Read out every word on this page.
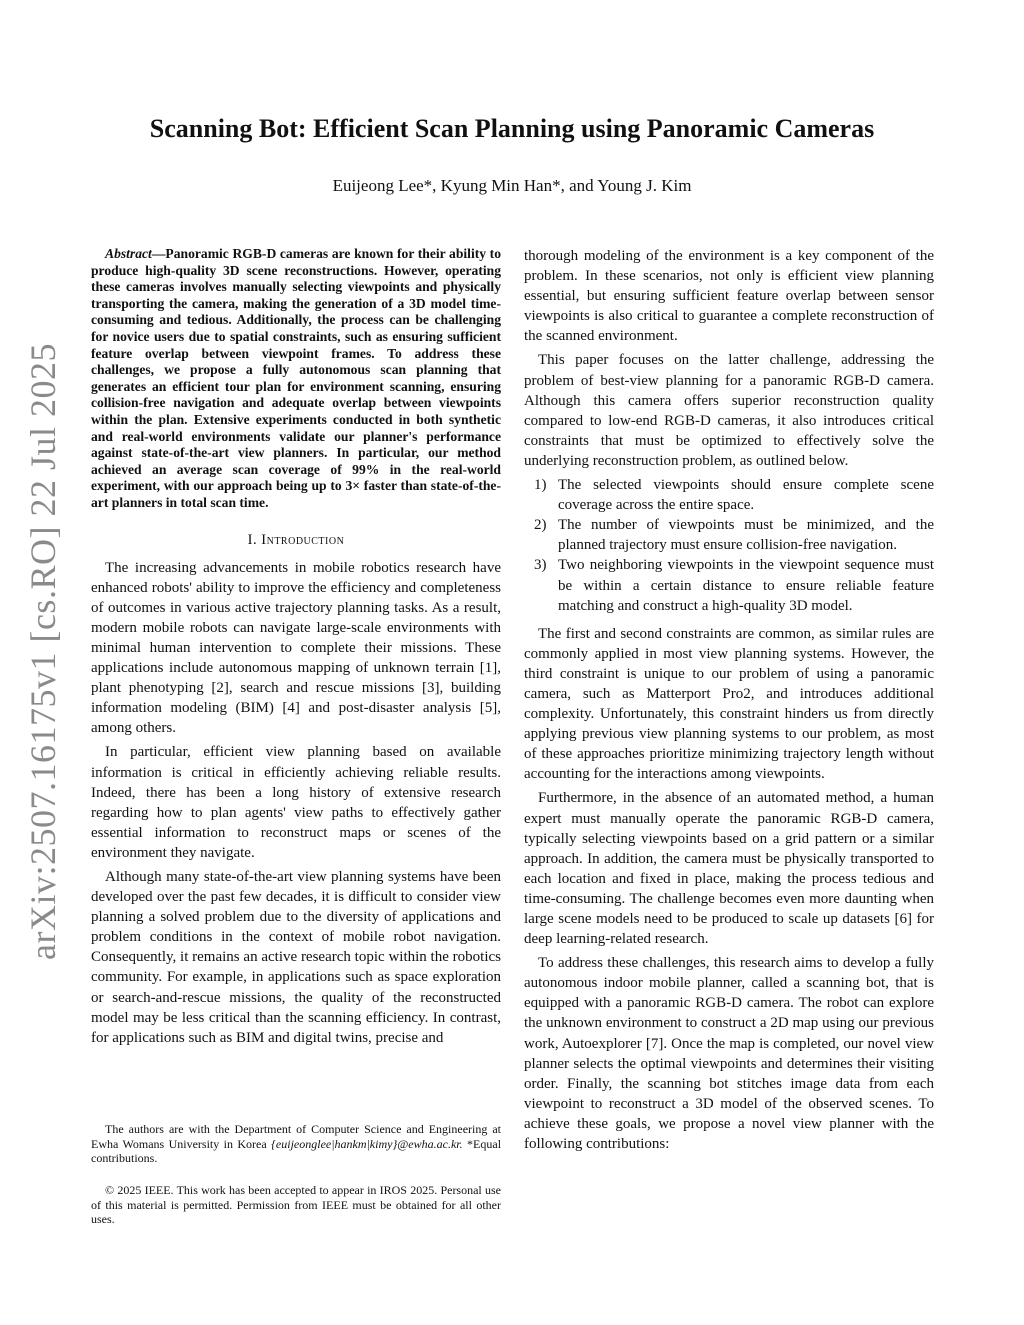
arXiv:2507.16175v1 [cs.RO] 22 Jul 2025
Scanning Bot: Efficient Scan Planning using Panoramic Cameras
Euijeong Lee*, Kyung Min Han*, and Young J. Kim

Abstract—Panoramic RGB-D cameras are known for their ability to produce high-quality 3D scene reconstructions. However, operating these cameras involves manually selecting viewpoints and physically transporting the camera, making the generation of a 3D model time-consuming and tedious. Additionally, the process can be challenging for novice users due to spatial constraints, such as ensuring sufficient feature overlap between viewpoint frames. To address these challenges, we propose a fully autonomous scan planning that generates an efficient tour plan for environment scanning, ensuring collision-free navigation and adequate overlap between viewpoints within the plan. Extensive experiments conducted in both synthetic and real-world environments validate our planner's performance against state-of-the-art view planners. In particular, our method achieved an average scan coverage of 99% in the real-world experiment, with our approach being up to 3× faster than state-of-the-art planners in total scan time.

I. Introduction

The increasing advancements in mobile robotics research have enhanced robots' ability to improve the efficiency and completeness of outcomes in various active trajectory planning tasks. As a result, modern mobile robots can navigate large-scale environments with minimal human intervention to complete their missions. These applications include autonomous mapping of unknown terrain [1], plant phenotyping [2], search and rescue missions [3], building information modeling (BIM) [4] and post-disaster analysis [5], among others.

In particular, efficient view planning based on available information is critical in efficiently achieving reliable results. Indeed, there has been a long history of extensive research regarding how to plan agents' view paths to effectively gather essential information to reconstruct maps or scenes of the environment they navigate.

Although many state-of-the-art view planning systems have been developed over the past few decades, it is difficult to consider view planning a solved problem due to the diversity of applications and problem conditions in the context of mobile robot navigation. Consequently, it remains an active research topic within the robotics community. For example, in applications such as space exploration or search-and-rescue missions, the quality of the reconstructed model may be less critical than the scanning efficiency. In contrast, for applications such as BIM and digital twins, precise and

The authors are with the Department of Computer Science and Engineering at Ewha Womans University in Korea {euijeonglee|hankm|kimy}@ewha.ac.kr. *Equal contributions.

© 2025 IEEE. This work has been accepted to appear in IROS 2025. Personal use of this material is permitted. Permission from IEEE must be obtained for all other uses.

thorough modeling of the environment is a key component of the problem. In these scenarios, not only is efficient view planning essential, but ensuring sufficient feature overlap between sensor viewpoints is also critical to guarantee a complete reconstruction of the scanned environment.

This paper focuses on the latter challenge, addressing the problem of best-view planning for a panoramic RGB-D camera. Although this camera offers superior reconstruction quality compared to low-end RGB-D cameras, it also introduces critical constraints that must be optimized to effectively solve the underlying reconstruction problem, as outlined below.

1) The selected viewpoints should ensure complete scene coverage across the entire space.
2) The number of viewpoints must be minimized, and the planned trajectory must ensure collision-free navigation.
3) Two neighboring viewpoints in the viewpoint sequence must be within a certain distance to ensure reliable feature matching and construct a high-quality 3D model.

The first and second constraints are common, as similar rules are commonly applied in most view planning systems. However, the third constraint is unique to our problem of using a panoramic camera, such as Matterport Pro2, and introduces additional complexity. Unfortunately, this constraint hinders us from directly applying previous view planning systems to our problem, as most of these approaches prioritize minimizing trajectory length without accounting for the interactions among viewpoints.

Furthermore, in the absence of an automated method, a human expert must manually operate the panoramic RGB-D camera, typically selecting viewpoints based on a grid pattern or a similar approach. In addition, the camera must be physically transported to each location and fixed in place, making the process tedious and time-consuming. The challenge becomes even more daunting when large scene models need to be produced to scale up datasets [6] for deep learning-related research.

To address these challenges, this research aims to develop a fully autonomous indoor mobile planner, called a scanning bot, that is equipped with a panoramic RGB-D camera. The robot can explore the unknown environment to construct a 2D map using our previous work, Autoexplorer [7]. Once the map is completed, our novel view planner selects the optimal viewpoints and determines their visiting order. Finally, the scanning bot stitches image data from each viewpoint to reconstruct a 3D model of the observed scenes. To achieve these goals, we propose a novel view planner with the following contributions:
